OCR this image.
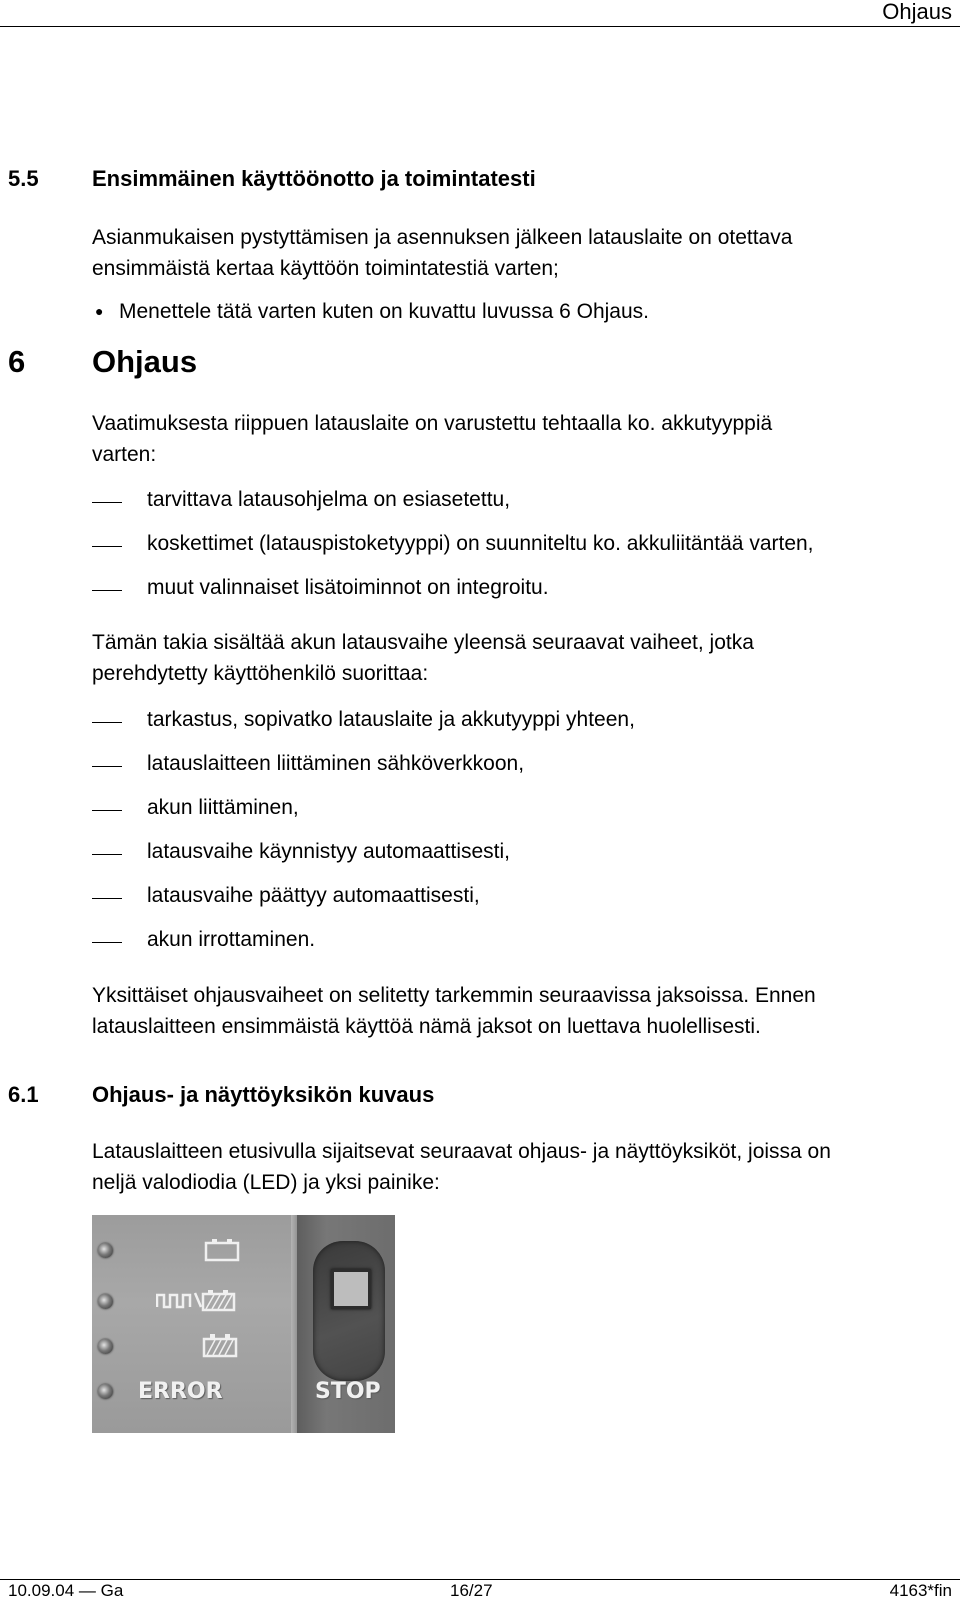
Ohjaus
5.5 Ensimmäinen käyttöönotto ja toimintatesti

Asianmukaisen pystyttämisen ja asennuksen jälkeen latauslaite on otettava

ensimmäistä kertaa käyttöön toimintatestiä varten;

● Menettele tätä varten kuten on kuvattu luvussa 6 Ohjaus.
6 Ohjaus

Vaatimuksesta riippuen latauslaite on varustettu tehtaalla ko. akkutyyppiä

varten:

tarvittava latausohjelma on esiasetettu,
koskettimet (latauspistoketyyppi) on suunniteltu ko. akkuliitäntää varten,
muut valinnaiset lisätoiminnot on integroitu.

Tämän takia sisältää akun latausvaihe yleensä seuraavat vaiheet, jotka

perehdytetty käyttöhenkilö suorittaa:

tarkastus, sopivatko latauslaite ja akkutyyppi yhteen,
latauslaitteen liittäminen sähköverkkoon,
akun liittäminen,
latausvaihe käynnistyy automaattisesti,
latausvaihe päättyy automaattisesti,
akun irrottaminen.

Yksittäiset ohjausvaiheet on selitetty tarkemmin seuraavissa jaksoissa. Ennen

latauslaitteen ensimmäistä käyttöä nämä jaksot on luettava huolellisesti.

6.1 Ohjaus- ja näyttöyksikön kuvaus

Latauslaitteen etusivulla sijaitsevat seuraavat ohjaus- ja näyttöyksiköt, joissa on

neljä valodiodia (LED) ja yksi painike:

ERROR	STOP
10.09.04 — Ga	16/27	4163*fin
